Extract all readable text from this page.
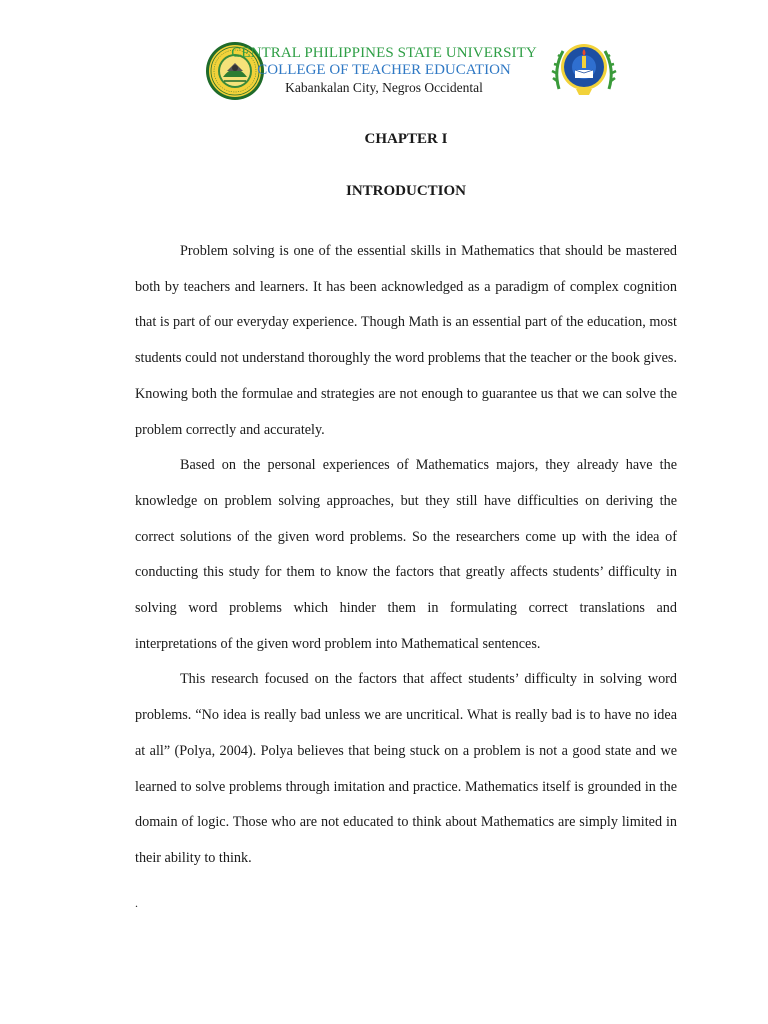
CENTRAL PHILIPPINES STATE UNIVERSITY
COLLEGE OF TEACHER EDUCATION
Kabankalan City, Negros Occidental
CHAPTER I
INTRODUCTION

Problem solving is one of the essential skills in Mathematics that should be mastered both by teachers and learners. It has been acknowledged as a paradigm of complex cognition that is part of our everyday experience. Though Math is an essential part of the education, most students could not understand thoroughly the word problems that the teacher or the book gives. Knowing both the formulae and strategies are not enough to guarantee us that we can solve the problem correctly and accurately.

Based on the personal experiences of Mathematics majors, they already have the knowledge on problem solving approaches, but they still have difficulties on deriving the correct solutions of the given word problems. So the researchers come up with the idea of conducting this study for them to know the factors that greatly affects students’ difficulty in solving word problems which hinder them in formulating correct translations and interpretations of the given word problem into Mathematical sentences.

This research focused on the factors that affect students’ difficulty in solving word problems. “No idea is really bad unless we are uncritical. What is really bad is to have no idea at all” (Polya, 2004). Polya believes that being stuck on a problem is not a good state and we learned to solve problems through imitation and practice. Mathematics itself is grounded in the domain of logic. Those who are not educated to think about Mathematics are simply limited in their ability to think.

.
